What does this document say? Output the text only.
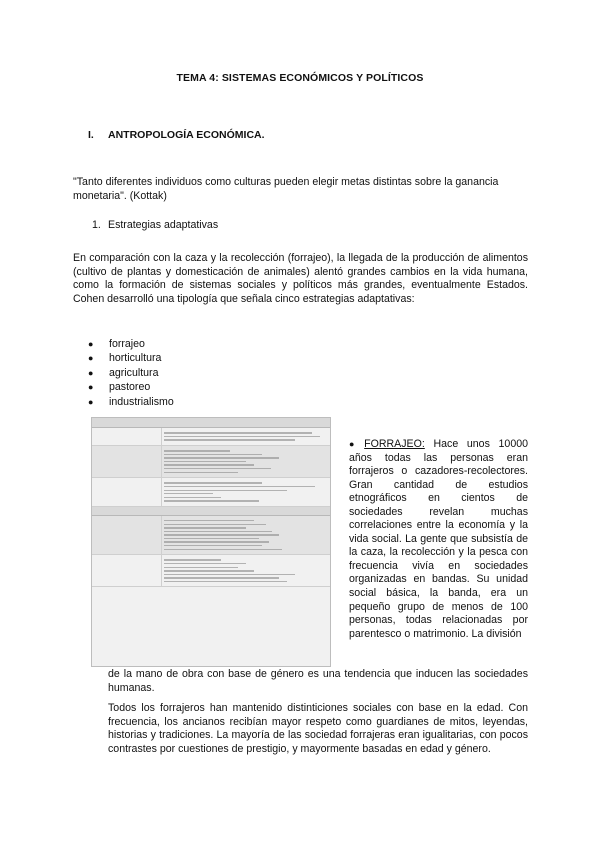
TEMA 4: SISTEMAS ECONÓMICOS Y POLÍTICOS
I. ANTROPOLOGÍA ECONÓMICA.
"Tanto diferentes individuos como culturas pueden elegir metas distintas sobre la ganancia monetaria". (Kottak)
1. Estrategias adaptativas
En comparación con la caza y la recolección (forrajeo), la llegada de la producción de alimentos (cultivo de plantas y domesticación de animales) alentó grandes cambios en la vida humana, como la formación de sistemas sociales y políticos más grandes, eventualmente Estados. Cohen desarrolló una tipología que señala cinco estrategias adaptativas:
● forrajeo
● horticultura
● agricultura
● pastoreo
● industrialismo
● FORRAJEO: Hace unos 10000 años todas las personas eran forrajeros o cazadores-recolectores. Gran cantidad de estudios etnográficos en cientos de sociedades revelan muchas correlaciones entre la economía y la vida social. La gente que subsistía de la caza, la recolección y la pesca con frecuencia vivía en sociedades organizadas en bandas. Su unidad social básica, la banda, era un pequeño grupo de menos de 100 personas, todas relacionadas por parentesco o matrimonio. La división
de la mano de obra con base de género es una tendencia que inducen las sociedades humanas.
Todos los forrajeros han mantenido distinticiones sociales con base en la edad. Con frecuencia, los ancianos recibían mayor respeto como guardianes de mitos, leyendas, historias y tradiciones. La mayoría de las sociedad forrajeras eran igualitarias, con pocos contrastes por cuestiones de prestigio, y mayormente basadas en edad y género.
